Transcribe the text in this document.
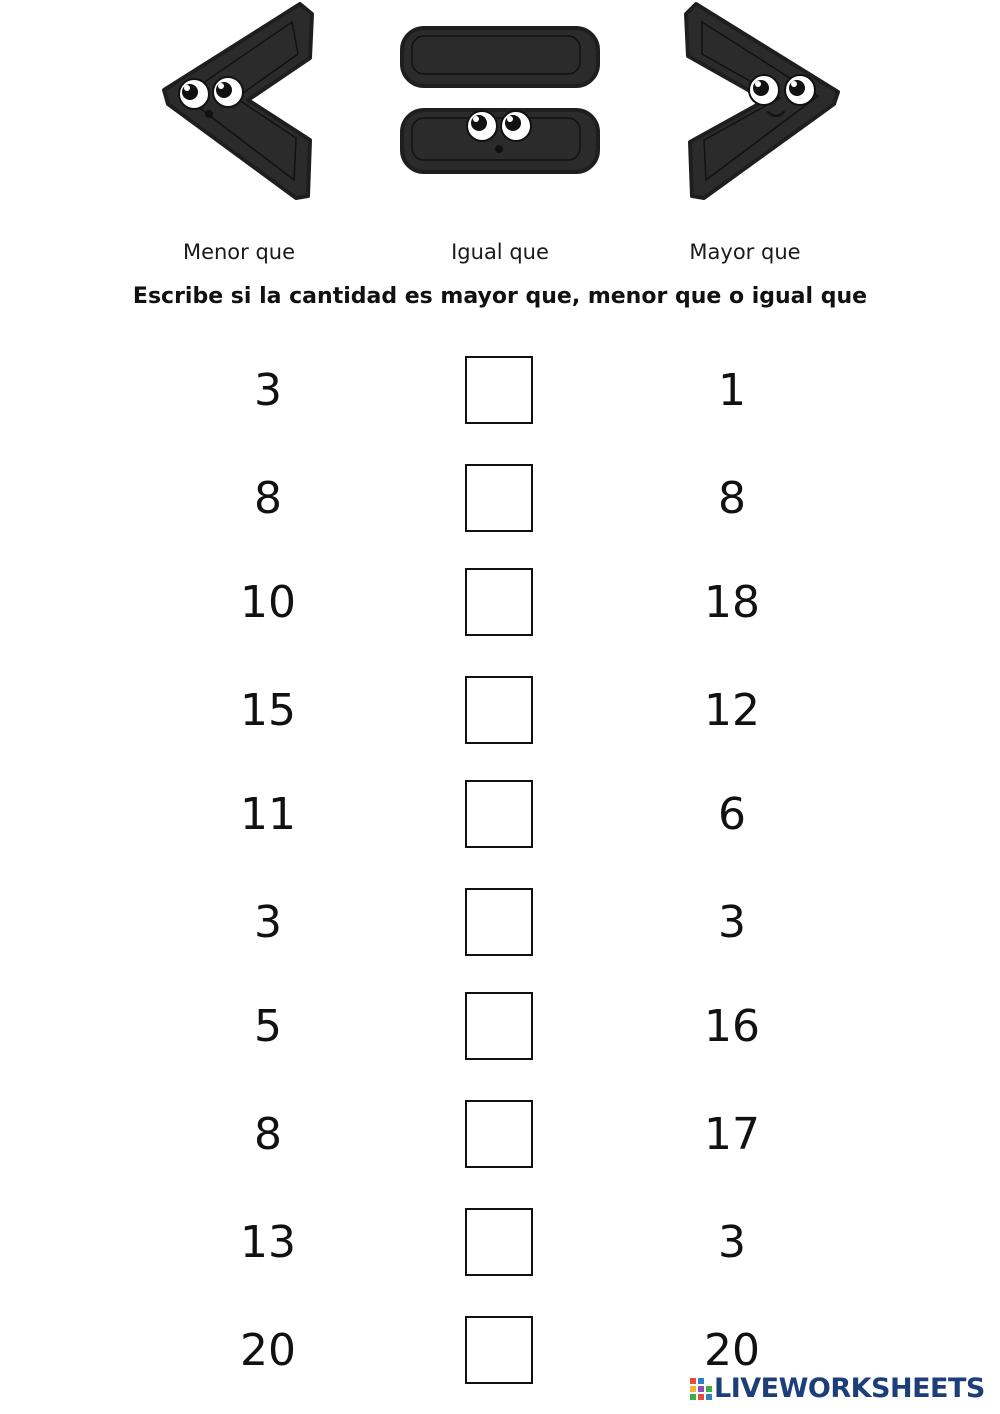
Menor que	Igual que	Mayor que
Escribe si la cantidad es mayor que, menor que o igual que
3	1
8	8
10	18
15	12
11	6
3	3
5	16
8	17
13	3
20	20
LIVEWORKSHEETS
